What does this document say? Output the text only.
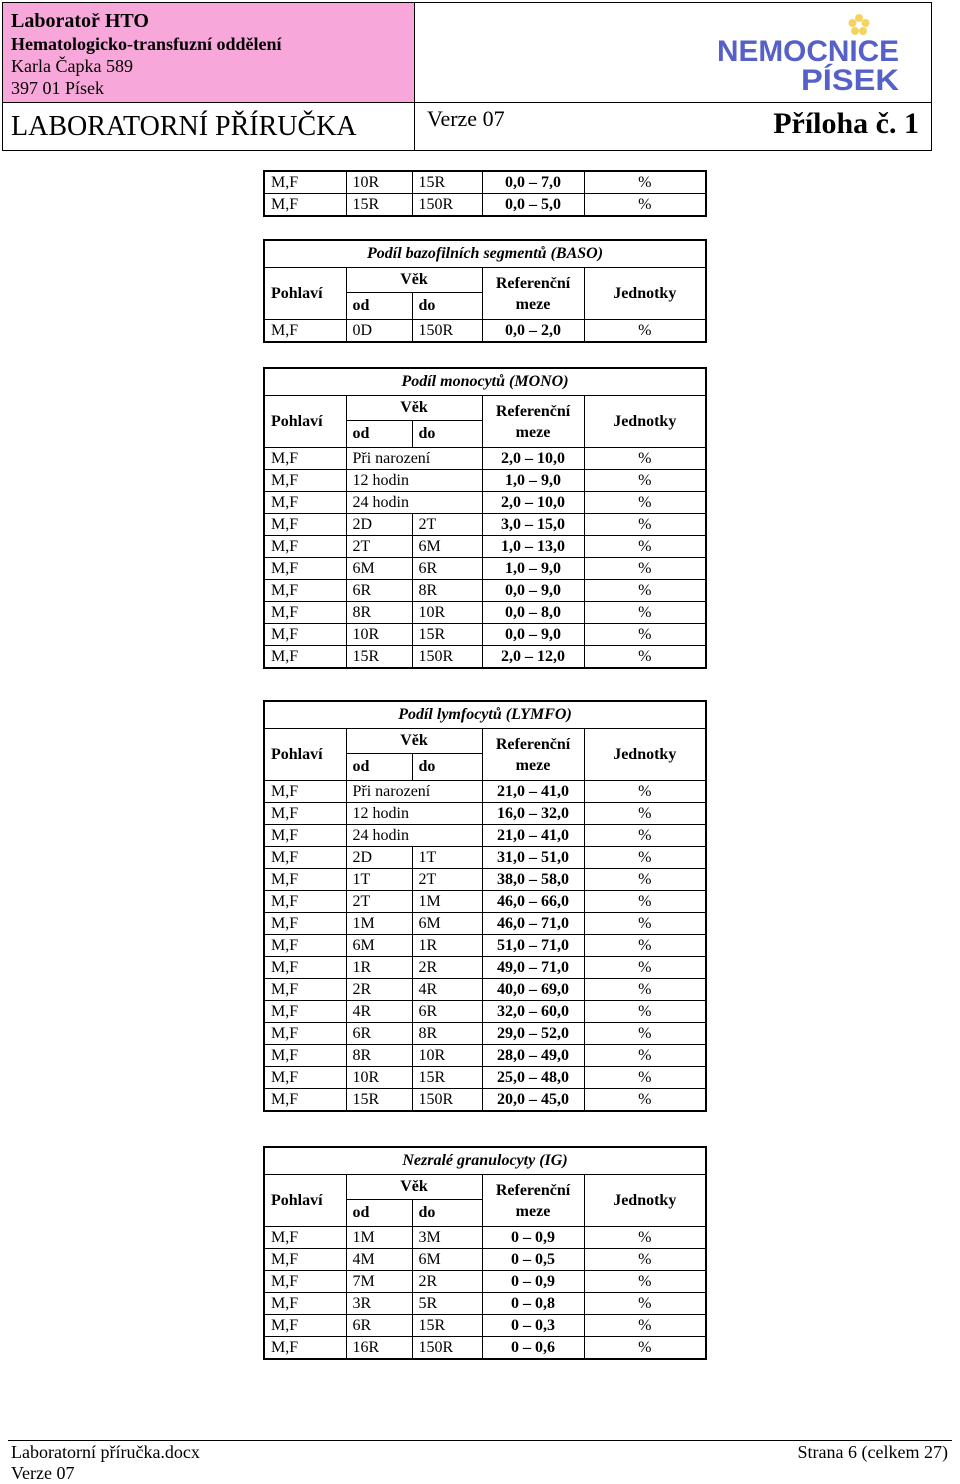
Laboratoř HTO
Hematologicko-transfuzní oddělení
Karla Čapka 589
397 01 Písek
NEMOCNICE
PÍSEK
LABORATORNÍ PŘÍRUČKA	Verze 07	Příloha č. 1
M,F	10R	15R	0,0 – 7,0	%
M,F	15R	150R	0,0 – 5,0	%
Podíl bazofilních segmentů (BASO)				
Pohlaví	Věk		Referenční meze	Jednotky
	od	do		
M,F	0D	150R	0,0 – 2,0	%
Podíl monocytů (MONO)				
Pohlaví	Věk		Referenční meze	Jednotky
	od	do		
M,F	Při narození		2,0 – 10,0	%
M,F	12 hodin		1,0 – 9,0	%
M,F	24 hodin		2,0 – 10,0	%
M,F	2D	2T	3,0 – 15,0	%
M,F	2T	6M	1,0 – 13,0	%
M,F	6M	6R	1,0 – 9,0	%
M,F	6R	8R	0,0 – 9,0	%
M,F	8R	10R	0,0 – 8,0	%
M,F	10R	15R	0,0 – 9,0	%
M,F	15R	150R	2,0 – 12,0	%
Podíl lymfocytů (LYMFO)				
Pohlaví	Věk		Referenční meze	Jednotky
	od	do		
M,F	Při narození		21,0 – 41,0	%
M,F	12 hodin		16,0 – 32,0	%
M,F	24 hodin		21,0 – 41,0	%
M,F	2D	1T	31,0 – 51,0	%
M,F	1T	2T	38,0 – 58,0	%
M,F	2T	1M	46,0 – 66,0	%
M,F	1M	6M	46,0 – 71,0	%
M,F	6M	1R	51,0 – 71,0	%
M,F	1R	2R	49,0 – 71,0	%
M,F	2R	4R	40,0 – 69,0	%
M,F	4R	6R	32,0 – 60,0	%
M,F	6R	8R	29,0 – 52,0	%
M,F	8R	10R	28,0 – 49,0	%
M,F	10R	15R	25,0 – 48,0	%
M,F	15R	150R	20,0 – 45,0	%
Nezralé granulocyty (IG)				
Pohlaví	Věk		Referenční meze	Jednotky
	od	do		
M,F	1M	3M	0 – 0,9	%
M,F	4M	6M	0 – 0,5	%
M,F	7M	2R	0 – 0,9	%
M,F	3R	5R	0 – 0,8	%
M,F	6R	15R	0 – 0,3	%
M,F	16R	150R	0 – 0,6	%
Laboratorní příručka.docx
Verze 07
Strana 6 (celkem 27)
